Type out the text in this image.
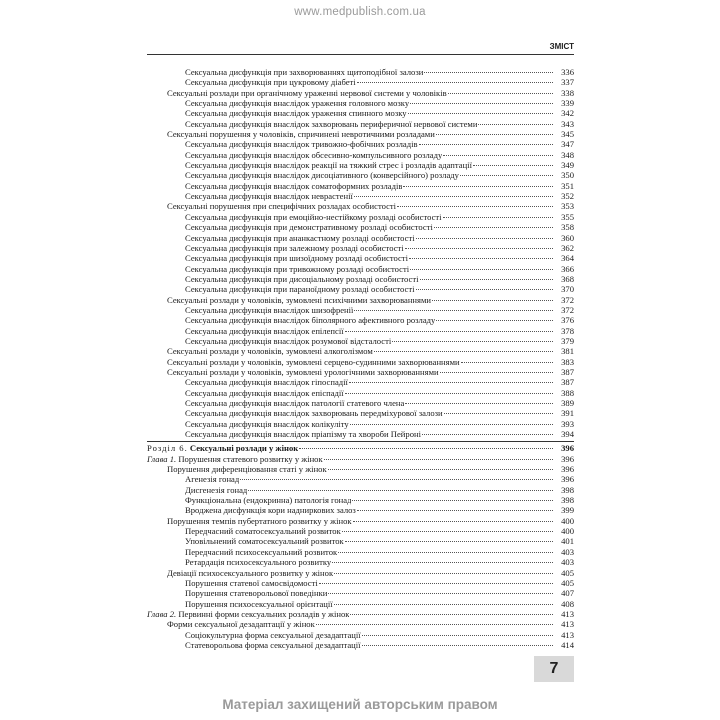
www.medpublish.com.ua
ЗМІСТ
Сексуальна дисфункція при захворюваннях щитоподібної залози	336
Сексуальна дисфункція при цукровому діабеті	337
Сексуальні розлади при органічному ураженні нервової системи у чоловіків	338
Сексуальна дисфункція внаслідок ураження головного мозку	339
Сексуальна дисфункція внаслідок ураження спинного мозку	342
Сексуальна дисфункція внаслідок захворювань периферичної нервової системи	343
Сексуальні порушення у чоловіків, спричинені невротичними розладами	345
Сексуальна дисфункція внаслідок тривожно-фобічних розладів	347
Сексуальна дисфункція внаслідок обсесивно-компульсивного розладу	348
Сексуальна дисфункція внаслідок реакції на тяжкий стрес і розладів адаптації	349
Сексуальна дисфункція внаслідок дисоціативного (конверсійного) розладу	350
Сексуальна дисфункція внаслідок соматоформних розладів	351
Сексуальна дисфункція внаслідок неврастенії	352
Сексуальні порушення при специфічних розладах особистості	353
Сексуальна дисфункція при емоційно-нестійкому розладі особистості	355
Сексуальна дисфункція при демонстративному розладі особистості	358
Сексуальна дисфункція при ананкастному розладі особистості	360
Сексуальна дисфункція при залежному розладі особистості	362
Сексуальна дисфункція при шизоїдному розладі особистості	364
Сексуальна дисфункція при тривожному розладі особистості	366
Сексуальна дисфункція при дисоціальному розладі особистості	368
Сексуальна дисфункція при параноїдному розладі особистості	370
Сексуальні розлади у чоловіків, зумовлені психічними захворюваннями	372
Сексуальна дисфункція внаслідок шизофренії	372
Сексуальна дисфункція внаслідок біполярного афективного розладу	376
Сексуальна дисфункція внаслідок епілепсії	378
Сексуальна дисфункція внаслідок розумової відсталості	379
Сексуальні розлади у чоловіків, зумовлені алкоголізмом	381
Сексуальні розлади у чоловіків, зумовлені серцево-судинними захворюваннями	383
Сексуальні розлади у чоловіків, зумовлені урологічними захворюваннями	387
Сексуальна дисфункція внаслідок гіпоспадії	387
Сексуальна дисфункція внаслідок епіспадії	388
Сексуальна дисфункція внаслідок патології статевого члена	389
Сексуальна дисфункція внаслідок захворювань передміхурової залози	391
Сексуальна дисфункція внаслідок колікуліту	393
Сексуальна дисфункція внаслідок пріапізму та хвороби Пейроні	394
Розділ 6. Сексуальні розлади у жінок	396
Глава 1. Порушення статевого розвитку у жінок	396
Порушення диференціювання статі у жінок	396
Агенезія гонад	396
Дисгенезія гонад	398
Функціональна (ендокринна) патологія гонад	398
Вроджена дисфункція кори надниркових залоз	399
Порушення темпів пубертатного розвитку у жінок	400
Передчасний соматосексуальний розвиток	400
Уповільнений соматосексуальний розвиток	401
Передчасний психосексуальний розвиток	403
Ретардація психосексуального розвитку	403
Девіації психосексуального розвитку у жінок	405
Порушення статевої самосвідомості	405
Порушення статеворольової поведінки	407
Порушення психосексуальної орієнтації	408
Глава 2. Первинні форми сексуальних розладів у жінок	413
Форми сексуальної дезадаптації у жінок	413
Соціокультурна форма сексуальної дезадаптації	413
Статеворольова форма сексуальної дезадаптації	414
7
Матеріал захищений авторським правом
